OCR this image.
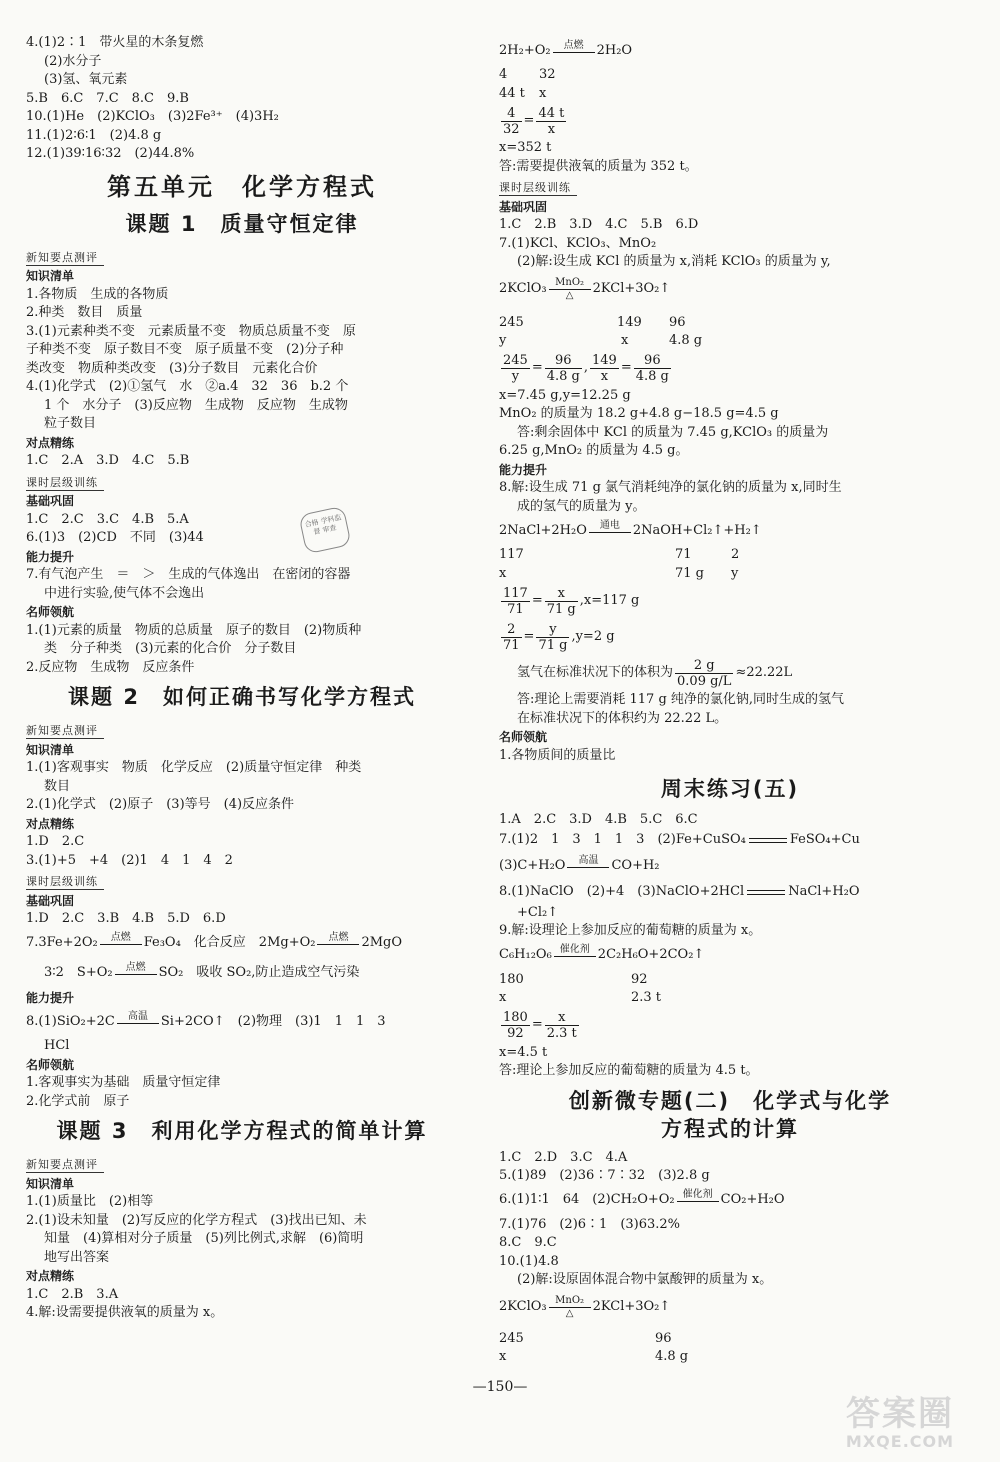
4.(1)2∶1　带火星的木条复燃
(2)水分子
(3)氢、氧元素
5.B　6.C　7.C　8.C　9.B
10.(1)He　(2)KClO₃　(3)2Fe³⁺　(4)3H₂
11.(1)2∶6∶1　(2)4.8 g
12.(1)39∶16∶32　(2)44.8%
第五单元　化学方程式
课题 1　质量守恒定律
新知要点测评
知识清单
1.各物质　生成的各物质
2.种类　数目　质量
3.(1)元素种类不变　元素质量不变　物质总质量不变　原
子种类不变　原子数目不变　原子质量不变　(2)分子种
类改变　物质种类改变　(3)分子数目　元素化合价
4.(1)化学式　(2)①氢气　水　②a.4　32　36　b.2 个
1 个　水分子　(3)反应物　生成物　反应物　生成物
粒子数目
对点精练
1.C　2.A　3.D　4.C　5.B
课时层级训练
基础巩固
1.C　2.C　3.C　4.B　5.A
6.(1)3　(2)CD　不同　(3)44
能力提升
7.有气泡产生　＝　＞　生成的气体逸出　在密闭的容器
中进行实验,使气体不会逸出
名师领航
1.(1)元素的质量　物质的总质量　原子的数目　(2)物质种
类　分子种类　(3)元素的化合价　分子数目
2.反应物　生成物　反应条件
课题 2　如何正确书写化学方程式
新知要点测评
知识清单
1.(1)客观事实　物质　化学反应　(2)质量守恒定律　种类
数目
2.(1)化学式　(2)原子　(3)等号　(4)反应条件
对点精练
1.D　2.C
3.(1)+5　+4　(2)1　4　1　4　2
课时层级训练
基础巩固
1.D　2.C　3.B　4.B　5.D　6.D
7.3Fe+2O₂	点燃	Fe₃O₄　化合反应　2Mg+O₂	点燃	2MgO
3∶2　S+O₂	点燃	SO₂　吸收 SO₂,防止造成空气污染
能力提升
8.(1)SiO₂+2C	高温	Si+2CO↑　(2)物理　(3)1　1　1　3
HCl
名师领航
1.客观事实为基础　质量守恒定律
2.化学式前　原子
课题 3　利用化学方程式的简单计算
新知要点测评
知识清单
1.(1)质量比　(2)相等
2.(1)设未知量　(2)写反应的化学方程式　(3)找出已知、未
知量　(4)算相对分子质量　(5)列比例式,求解　(6)简明
地写出答案
对点精练
1.C　2.B　3.A
4.解:设需要提供液氧的质量为 x。
2H₂+O₂	点燃	2H₂O
4	32
44 t	x
$\frac{4}{32} = \frac{44 t}{x}$
x=352 t
答:需要提供液氧的质量为 352 t。
课时层级训练
基础巩固
1.C　2.B　3.D　4.C　5.B　6.D
7.(1)KCl、KClO₃、MnO₂
(2)解:设生成 KCl 的质量为 x,消耗 KClO₃ 的质量为 y,
2KClO₃ MnO₂
△	2KCl+3O₂↑
245	149	96
y	x	4.8 g
$\frac{245}{y} = \frac{96}{4.8 g}$ , $\frac{149}{x} = \frac{96}{4.8 g}$
x=7.45 g,y=12.25 g
MnO₂ 的质量为 18.2 g+4.8 g−18.5 g=4.5 g
答:剩余固体中 KCl 的质量为 7.45 g,KClO₃ 的质量为
6.25 g,MnO₂ 的质量为 4.5 g。
能力提升
8.解:设生成 71 g 氯气消耗纯净的氯化钠的质量为 x,同时生
成的氢气的质量为 y。
2NaCl+2H₂O	通电	2NaOH+Cl₂↑+H₂↑
117	71	2
x	71 g	y
$\frac{117}{71} = \frac{x}{71 g} ,x=117$ g
$\frac{2}{71} = \frac{y}{71 g} ,y=2$ g
氢气在标准状况下的体积为 $\frac{2 g}{0.09 g/L} \approx 22.22L$
答:理论上需要消耗 117 g 纯净的氯化钠,同时生成的氢气
在标准状况下的体积约为 22.22 L。
名师领航
1.各物质间的质量比
周末练习(五)
1.A　2.C　3.D　4.B　5.C　6.C
7.(1)2　1　3　1　1　3　(2)Fe+CuSO₄	FeSO₄+Cu
(3)C+H₂O	高温	CO+H₂
8.(1)NaClO　(2)+4　(3)NaClO+2HCl	NaCl+H₂O
+Cl₂↑
9.解:设理论上参加反应的葡萄糖的质量为 x。
C₆H₁₂O₆ 催化剂 2C₂H₆O+2CO₂↑
180	92
x	2.3 t
$\frac{180}{92} = \frac{x}{2.3 t}$
x=4.5 t
答:理论上参加反应的葡萄糖的质量为 4.5 t。
创新微专题(二)　化学式与化学
方程式的计算
1.C　2.D　3.C　4.A
5.(1)89　(2)36∶7∶32　(3)2.8 g
6.(1)1∶1　64　(2)CH₂O+O₂ 催化剂 CO₂+H₂O
7.(1)76　(2)6∶1　(3)63.2%
8.C　9.C
10.(1)4.8
(2)解:设原固体混合物中氯酸钾的质量为 x。
2KClO₃ MnO₂
△	2KCl+3O₂↑
245	96
x	4.8 g
合格 学科监督 审查
—150—
答案圈
MXQE.COM
